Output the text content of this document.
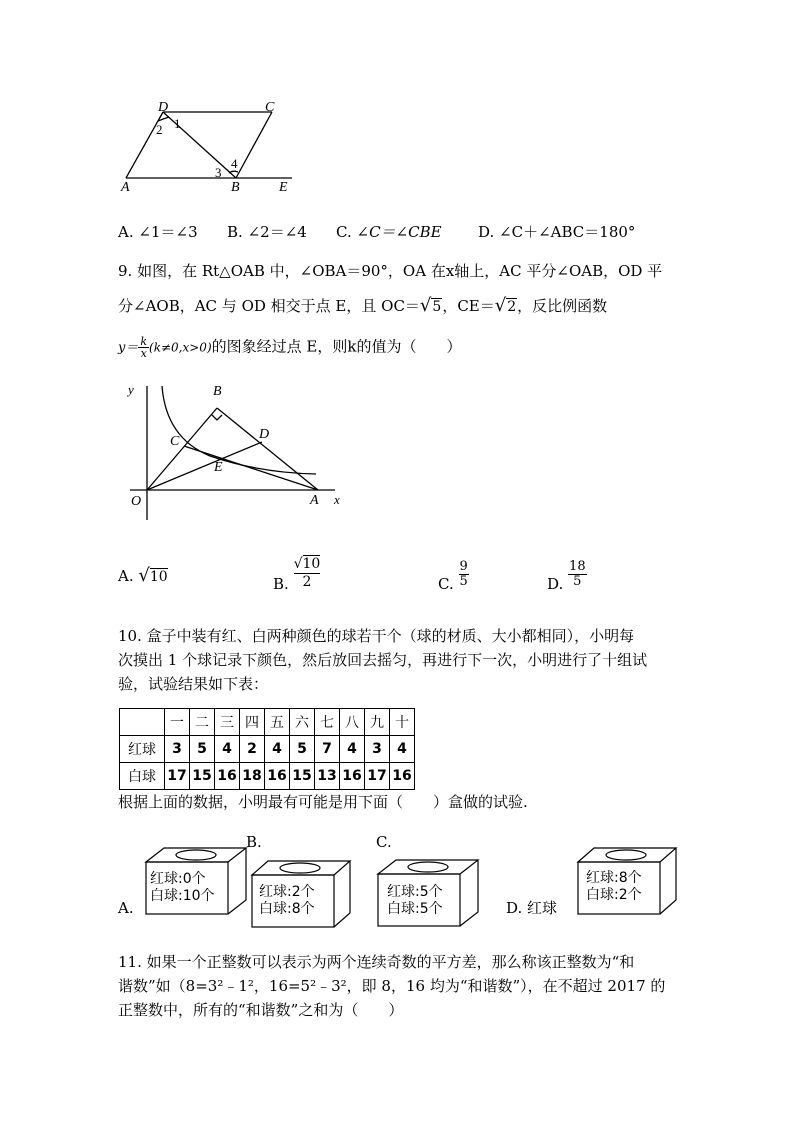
D	C
A	B	E
1
2
3
4
A. ∠1＝∠3 B. ∠2＝∠4 C. ∠C＝∠CBE D. ∠C＋∠ABC＝180°
9. 如图，在 Rt△OAB 中，∠OBA＝90°，OA 在x轴上，AC 平分∠OAB，OD 平
分∠AOB，AC 与 OD 相交于点 E，且 OC＝√5，CE＝√2，反比例函数
$y= \frac{k}{x} (k\ne 0,x>0)$的图象经过点 E，则k的值为（　　）
y
x
O	A
B
C	D
E
A. √10	B. $\frac{√10}{2}$	C. $\frac{9}{5}$	D. $\frac{18}{5}$
10. 盒子中装有红、白两种颜色的球若干个（球的材质、大小都相同），小明每
次摸出 1 个球记录下颜色，然后放回去摇匀，再进行下一次，小明进行了十组试
验，试验结果如下表：
	一	二	三	四	五	六	七	八	九	十
红球	3	5	4	2	4	5	7	4	3	4
白球	17	15	16	18	16	15	13	16	17	16
根据上面的数据，小明最有可能是用下面（　　）盒做的试验.
A.
B.	C.
D. 红球
红球:0个
白球:10个	红球:2个
白球:8个
红球:5个
白球:5个
红球:8个
白球:2个
11. 如果一个正整数可以表示为两个连续奇数的平方差，那么称该正整数为“和
谐数”如（8=3²﹣1²，16=5²﹣3²，即 8，16 均为“和谐数”），在不超过 2017 的
正整数中，所有的“和谐数”之和为（　　）
